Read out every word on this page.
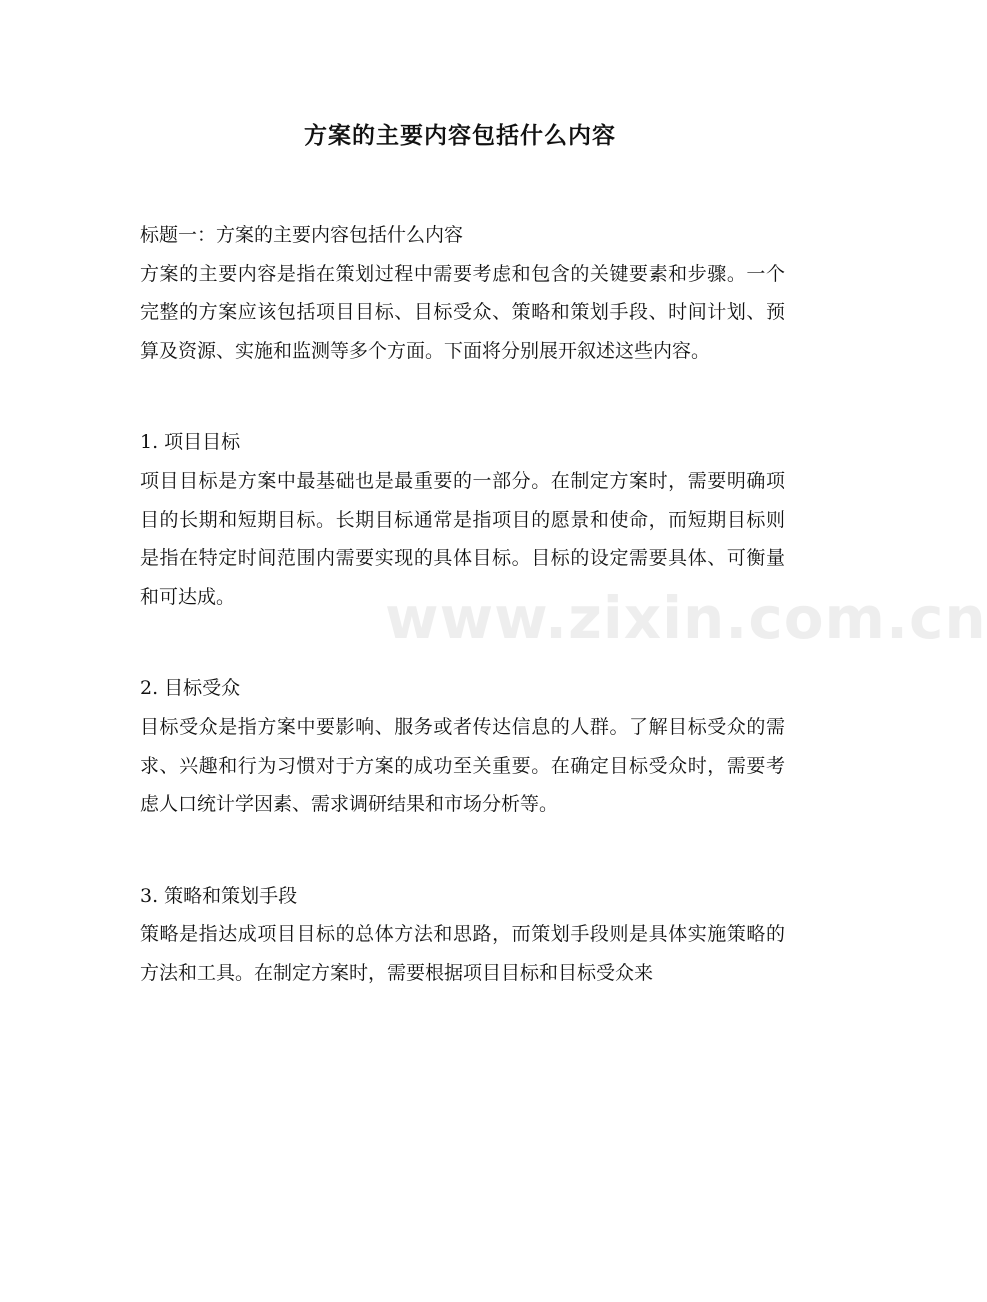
方案的主要内容包括什么内容
标题一：方案的主要内容包括什么内容

方案的主要内容是指在策划过程中需要考虑和包含的关键要素和步骤。一个完整的方案应该包括项目目标、目标受众、策略和策划手段、时间计划、预算及资源、实施和监测等多个方面。下面将分别展开叙述这些内容。

1. 项目目标

项目目标是方案中最基础也是最重要的一部分。在制定方案时，需要明确项目的长期和短期目标。长期目标通常是指项目的愿景和使命，而短期目标则是指在特定时间范围内需要实现的具体目标。目标的设定需要具体、可衡量和可达成。

2. 目标受众

目标受众是指方案中要影响、服务或者传达信息的人群。了解目标受众的需求、兴趣和行为习惯对于方案的成功至关重要。在确定目标受众时，需要考虑人口统计学因素、需求调研结果和市场分析等。

3. 策略和策划手段

策略是指达成项目目标的总体方法和思路，而策划手段则是具体实施策略的方法和工具。在制定方案时，需要根据项目目标和目标受众来

www.zixin.com.cn
